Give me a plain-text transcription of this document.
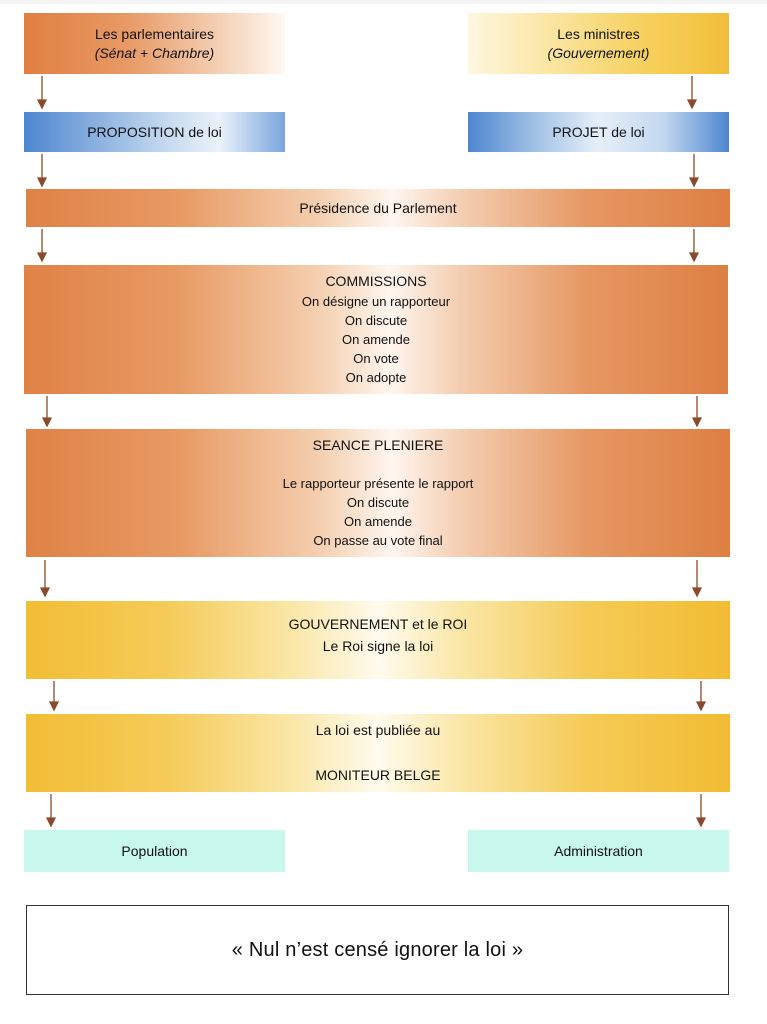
Les parlementaires
(Sénat + Chambre)
Les ministres
(Gouvernement)
PROPOSITION de loi	PROJET de loi
Présidence du Parlement
COMMISSIONS
On désigne un rapporteur
On discute
On amende
On vote
On adopte
SEANCE PLENIERE
Le rapporteur présente le rapport
On discute
On amende
On passe au vote final
GOUVERNEMENT et le ROI
Le Roi signe la loi
La loi est publiée au
MONITEUR BELGE
Population	Administration
« Nul n’est censé ignorer la loi »
